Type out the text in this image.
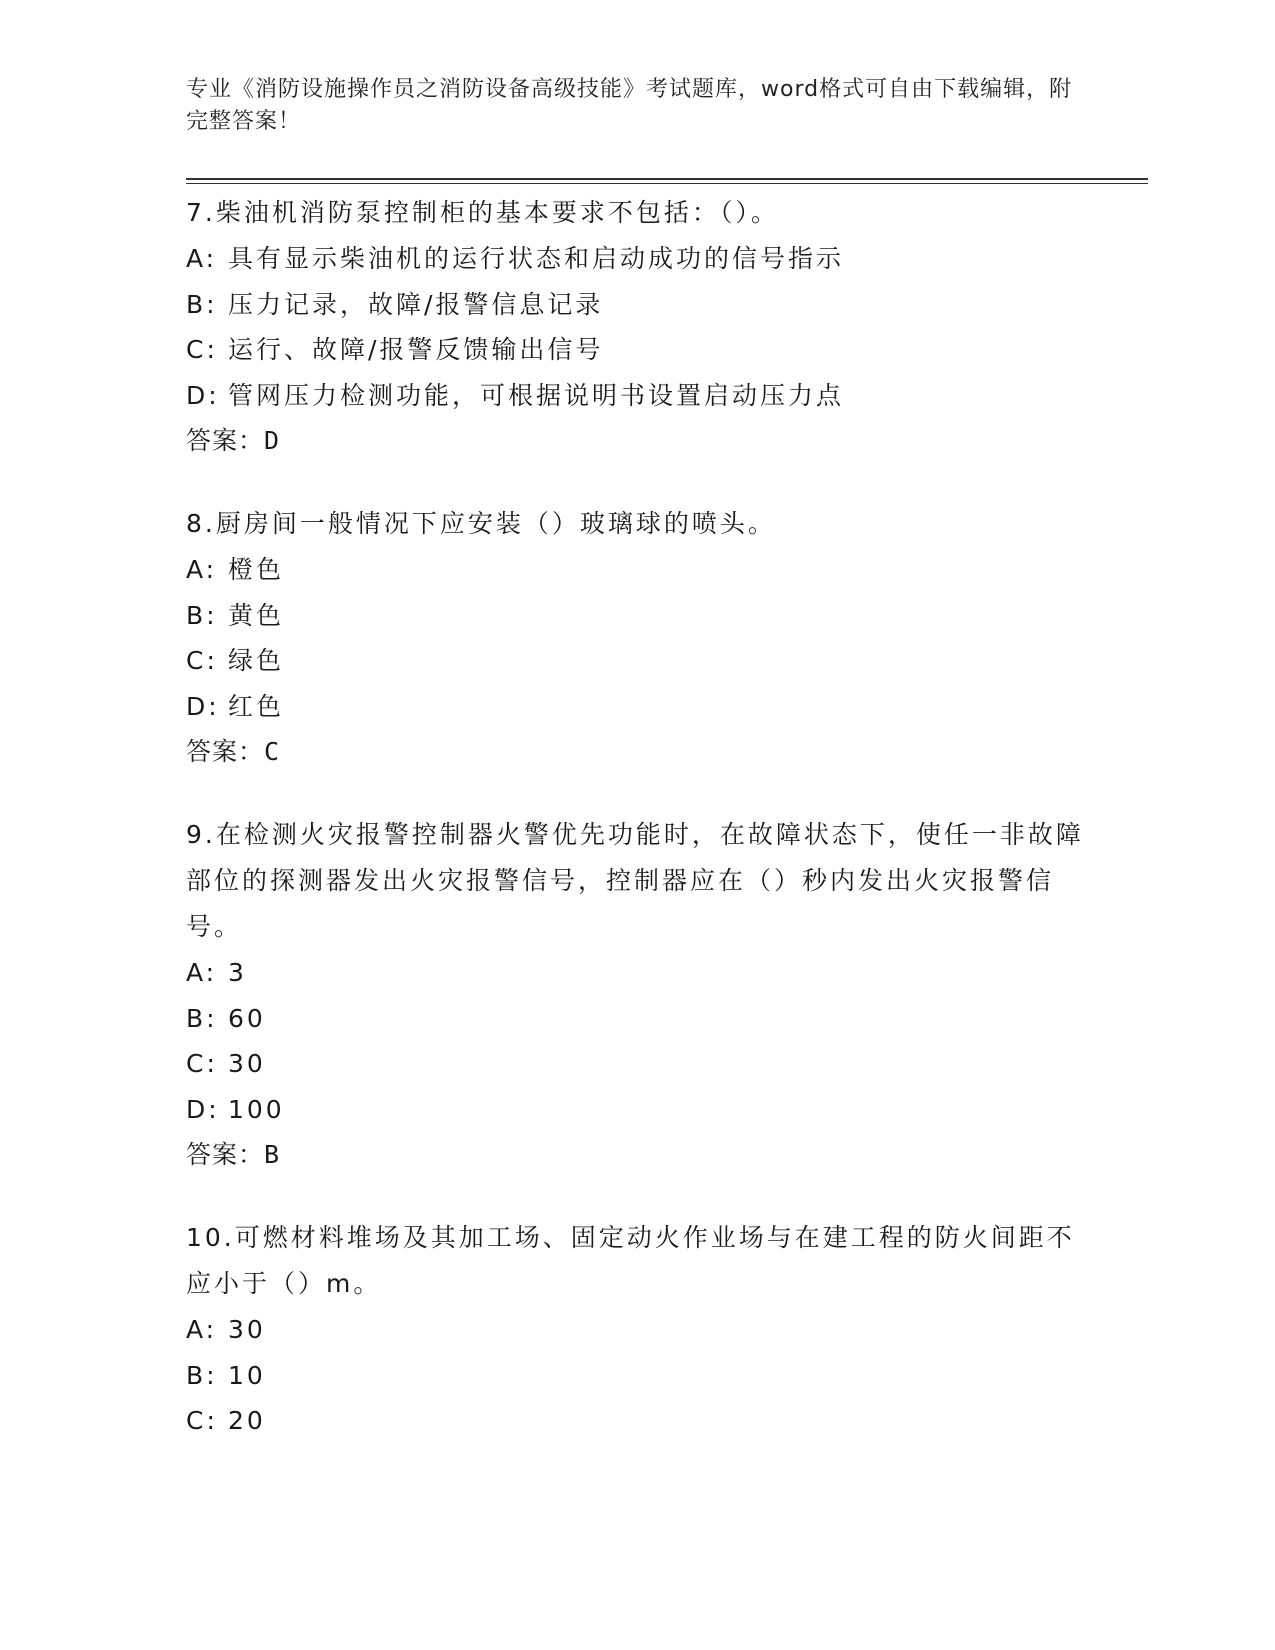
专业《消防设施操作员之消防设备高级技能》考试题库，word格式可自由下载编辑，附完整答案！

7.柴油机消防泵控制柜的基本要求不包括：（）。

A: 具有显示柴油机的运行状态和启动成功的信号指示

B: 压力记录，故障/报警信息记录

C: 运行、故障/报警反馈输出信号

D: 管网压力检测功能，可根据说明书设置启动压力点

答案：D

8.厨房间一般情况下应安装（）玻璃球的喷头。

A: 橙色

B: 黄色

C: 绿色

D: 红色

答案：C

9.在检测火灾报警控制器火警优先功能时，在故障状态下，使任一非故障部位的探测器发出火灾报警信号，控制器应在（）秒内发出火灾报警信号。

A: 3

B: 60

C: 30

D: 100

答案：B

10.可燃材料堆场及其加工场、固定动火作业场与在建工程的防火间距不应小于（）m。

A: 30

B: 10

C: 20
